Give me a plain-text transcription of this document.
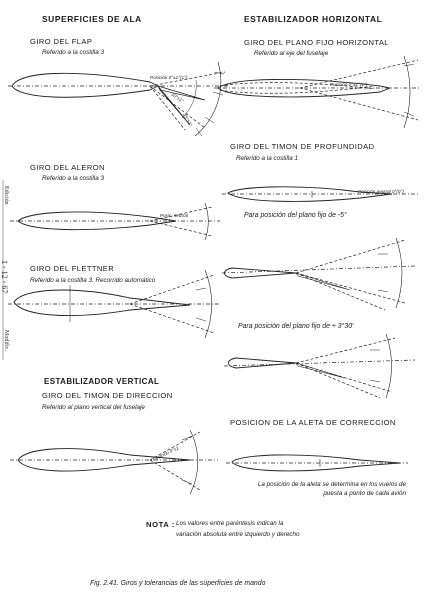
SUPERFICIES DE ALA
GIRO DEL FLAP
Referido a la costilla 3
Posición 0°±1°(1°)
10°±1°
25°±1°
GIRO DEL ALERON
Referido a la costilla 3
Posic. neutral
GIRO DEL FLETTNER
Referido a la costilla 3. Recorrido automático
ESTABILIZADOR VERTICAL
GIRO DEL TIMON DE DIRECCION
Referido al plano vertical del fuselaje
Posición 0°±1
ESTABILIZADOR HORIZONTAL
GIRO DEL PLANO FIJO HORIZONTAL
Referido al eje del fuselaje
Posición 0°±1°(1°)
GIRO DEL TIMON DE PROFUNDIDAD
Referido a la costilla 1
Posición neutral 0°(0°)
Para posición del plano fijo de -5°
Para posición del plano fijo de + 3°30'
POSICION DE LA ALETA DE CORRECCION
La posición de la aleta se determina en los vuelos de puesta a punto de cada avión
NOTA : Los valores entre paréntesis indican la
variación absoluta entre izquierdo y derecho
Fig. 2.41. Giros y tolerancias de las superficies de mando
Edición
1 - 12 - 67
Modific.
